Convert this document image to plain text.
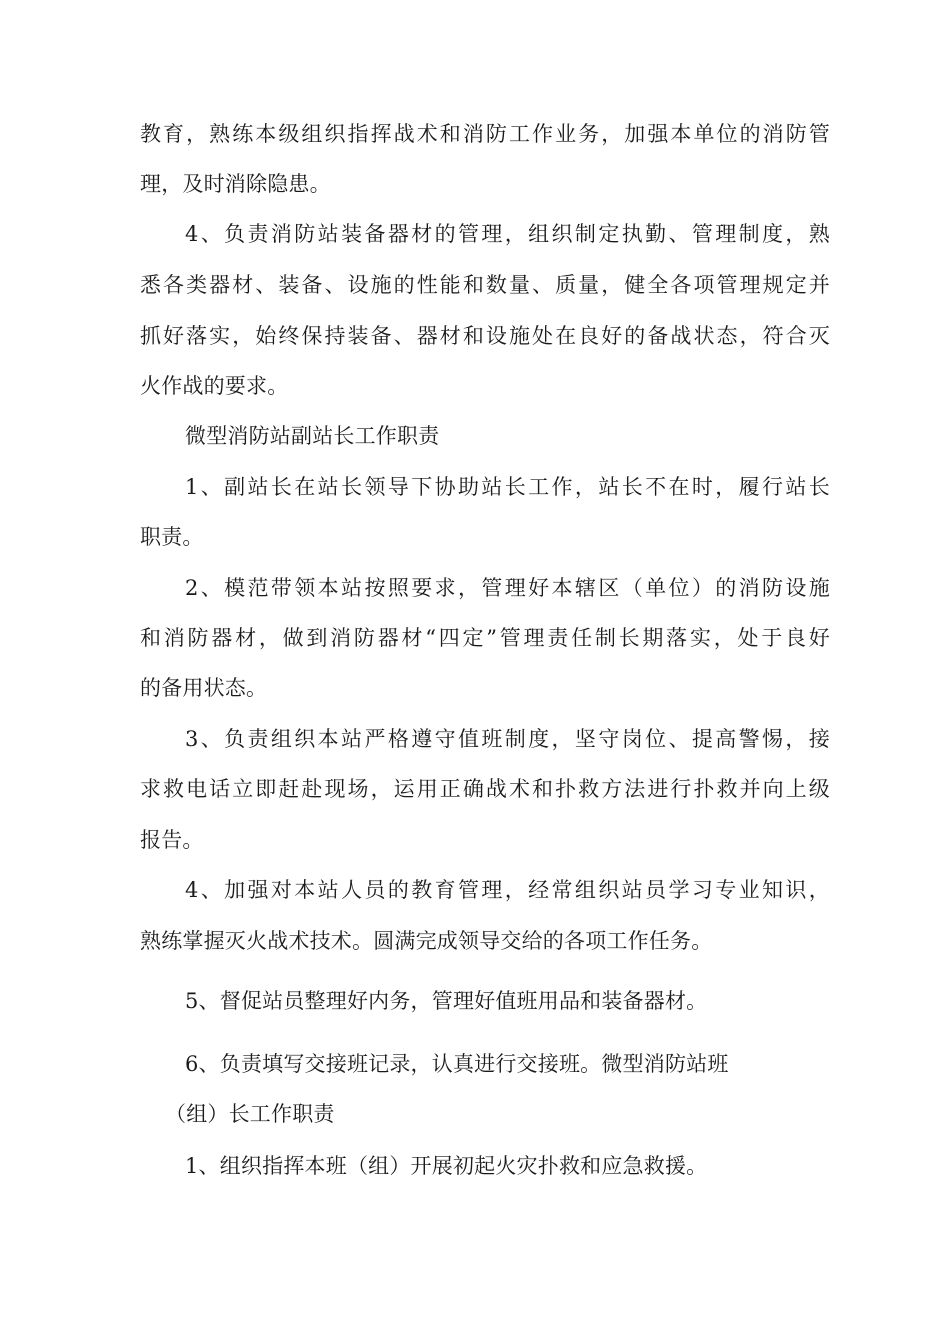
教育，熟练本级组织指挥战术和消防工作业务，加强本单位的消防管
理，及时消除隐患。
4、负责消防站装备器材的管理，组织制定执勤、管理制度，熟
悉各类器材、装备、设施的性能和数量、质量，健全各项管理规定并
抓好落实，始终保持装备、器材和设施处在良好的备战状态，符合灭
火作战的要求。
微型消防站副站长工作职责
1、副站长在站长领导下协助站长工作，站长不在时，履行站长
职责。
2、模范带领本站按照要求，管理好本辖区（单位）的消防设施
和消防器材，做到消防器材“四定”管理责任制长期落实，处于良好
的备用状态。
3、负责组织本站严格遵守值班制度，坚守岗位、提高警惕，接
求救电话立即赶赴现场，运用正确战术和扑救方法进行扑救并向上级
报告。
4、加强对本站人员的教育管理，经常组织站员学习专业知识，
熟练掌握灭火战术技术。圆满完成领导交给的各项工作任务。
5、督促站员整理好内务，管理好值班用品和装备器材。
6、负责填写交接班记录，认真进行交接班。微型消防站班
（组）长工作职责
1、组织指挥本班（组）开展初起火灾扑救和应急救援。
